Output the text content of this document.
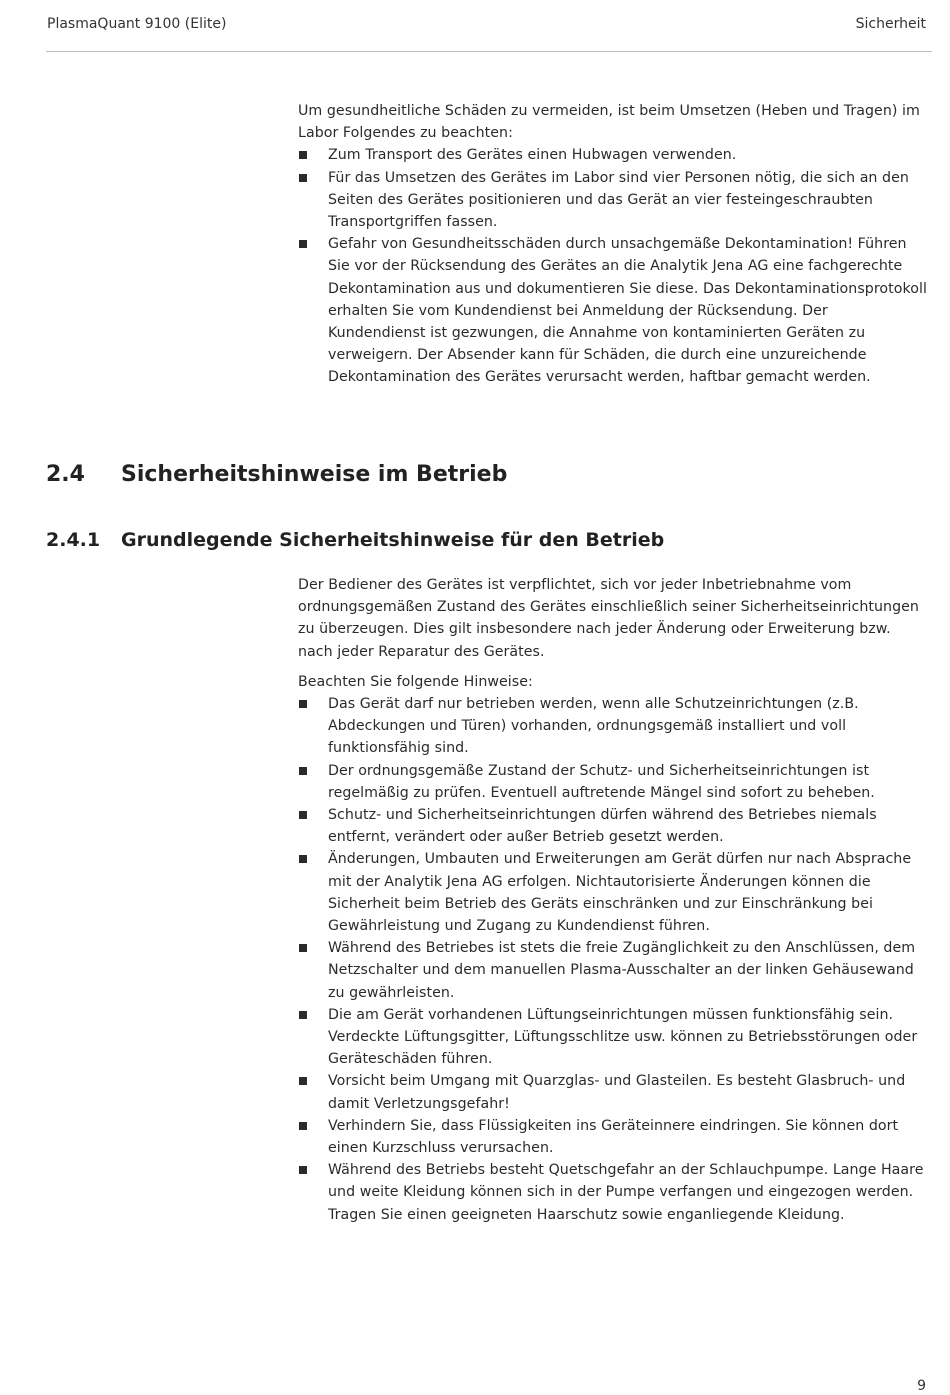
PlasmaQuant 9100 (Elite)	Sicherheit

Um gesundheitliche Schäden zu vermeiden, ist beim Umsetzen (Heben und Tragen) im Labor Folgendes zu beachten:

Zum Transport des Gerätes einen Hubwagen verwenden.
Für das Umsetzen des Gerätes im Labor sind vier Personen nötig, die sich an den Seiten des Gerätes positionieren und das Gerät an vier festeingeschraubten Transportgriffen fassen.
Gefahr von Gesundheitsschäden durch unsachgemäße Dekontamination! Führen Sie vor der Rücksendung des Gerätes an die Analytik Jena AG eine fachgerechte Dekontamination aus und dokumentieren Sie diese. Das Dekontaminationsprotokoll erhalten Sie vom Kundendienst bei Anmeldung der Rücksendung. Der Kundendienst ist gezwungen, die Annahme von kontaminierten Geräten zu verweigern. Der Absender kann für Schäden, die durch eine unzureichende Dekontamination des Gerätes verursacht werden, haftbar gemacht werden.
2.4 Sicherheitshinweise im Betrieb
2.4.1 Grundlegende Sicherheitshinweise für den Betrieb

Der Bediener des Gerätes ist verpflichtet, sich vor jeder Inbetriebnahme vom ordnungsgemäßen Zustand des Gerätes einschließlich seiner Sicherheitseinrichtungen zu überzeugen. Dies gilt insbesondere nach jeder Änderung oder Erweiterung bzw. nach jeder Reparatur des Gerätes.

Beachten Sie folgende Hinweise:

Das Gerät darf nur betrieben werden, wenn alle Schutzeinrichtungen (z.B. Abdeckungen und Türen) vorhanden, ordnungsgemäß installiert und voll funktionsfähig sind.
Der ordnungsgemäße Zustand der Schutz- und Sicherheitseinrichtungen ist regelmäßig zu prüfen. Eventuell auftretende Mängel sind sofort zu beheben.
Schutz- und Sicherheitseinrichtungen dürfen während des Betriebes niemals entfernt, verändert oder außer Betrieb gesetzt werden.
Änderungen, Umbauten und Erweiterungen am Gerät dürfen nur nach Absprache mit der Analytik Jena AG erfolgen. Nichtautorisierte Änderungen können die Sicherheit beim Betrieb des Geräts einschränken und zur Einschränkung bei Gewährleistung und Zugang zu Kundendienst führen.
Während des Betriebes ist stets die freie Zugänglichkeit zu den Anschlüssen, dem Netzschalter und dem manuellen Plasma-Ausschalter an der linken Gehäusewand zu gewährleisten.
Die am Gerät vorhandenen Lüftungseinrichtungen müssen funktionsfähig sein. Verdeckte Lüftungsgitter, Lüftungsschlitze usw. können zu Betriebsstörungen oder Geräteschäden führen.
Vorsicht beim Umgang mit Quarzglas- und Glasteilen. Es besteht Glasbruch- und damit Verletzungsgefahr!
Verhindern Sie, dass Flüssigkeiten ins Geräteinnere eindringen. Sie können dort einen Kurzschluss verursachen.
Während des Betriebs besteht Quetschgefahr an der Schlauchpumpe. Lange Haare und weite Kleidung können sich in der Pumpe verfangen und eingezogen werden. Tragen Sie einen geeigneten Haarschutz sowie enganliegende Kleidung.
9
